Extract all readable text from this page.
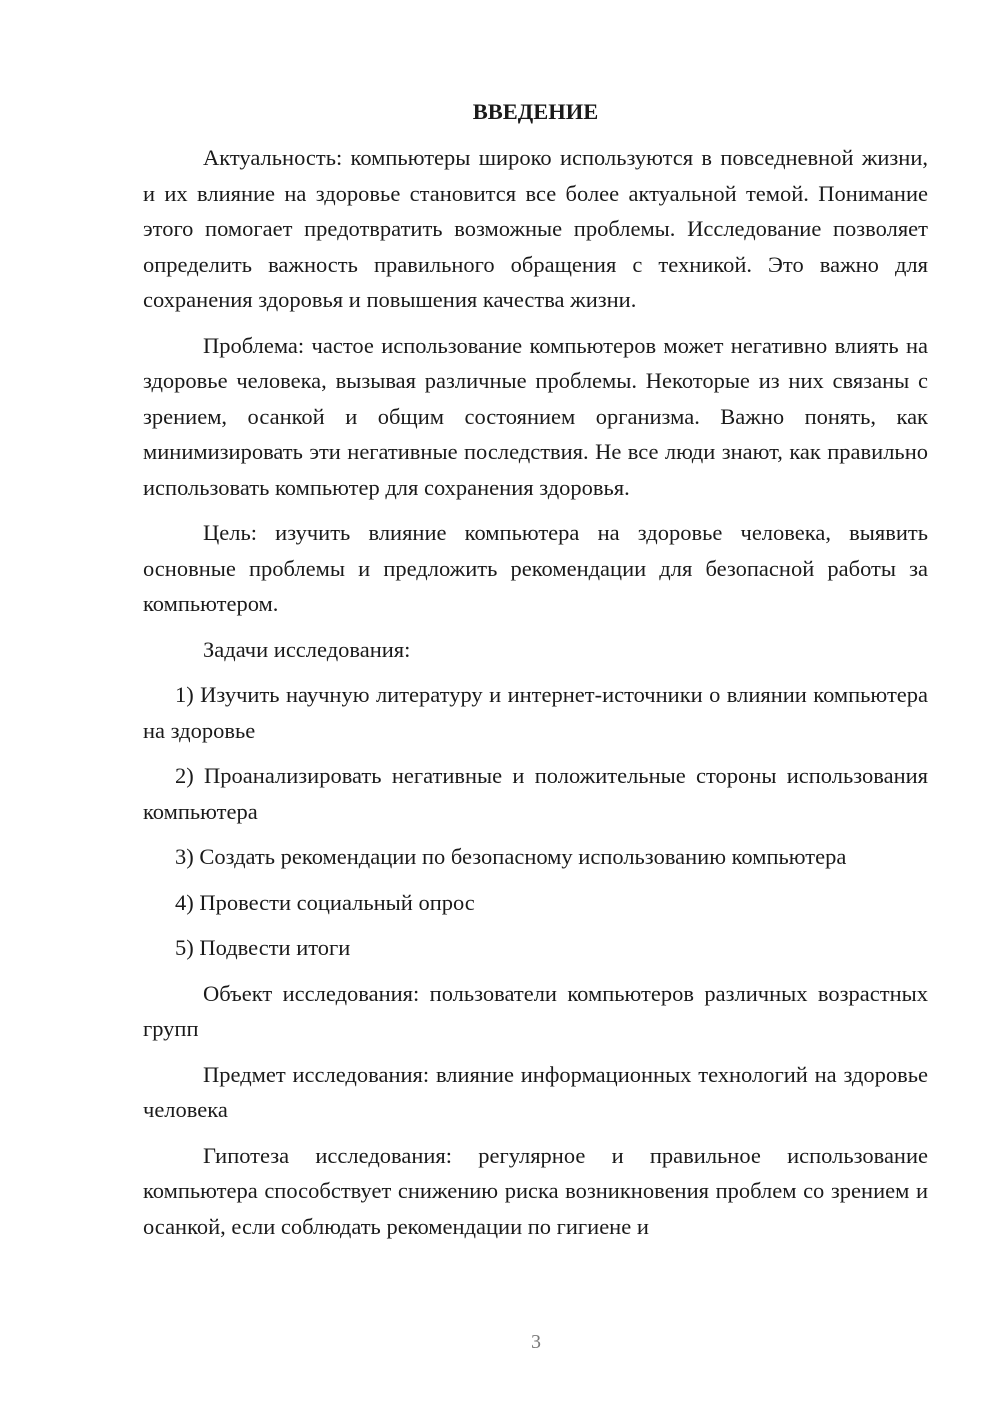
ВВЕДЕНИЕ

Актуальность: компьютеры широко используются в повседневной жизни, и их влияние на здоровье становится все более актуальной темой. Понимание этого помогает предотвратить возможные проблемы. Исследование позволяет определить важность правильного обращения с техникой. Это важно для сохранения здоровья и повышения качества жизни.

Проблема: частое использование компьютеров может негативно влиять на здоровье человека, вызывая различные проблемы. Некоторые из них связаны с зрением, осанкой и общим состоянием организма. Важно понять, как минимизировать эти негативные последствия. Не все люди знают, как правильно использовать компьютер для сохранения здоровья.

Цель: изучить влияние компьютера на здоровье человека, выявить основные проблемы и предложить рекомендации для безопасной работы за компьютером.

Задачи исследования:

1) Изучить научную литературу и интернет-источники о влиянии компьютера на здоровье

2) Проанализировать негативные и положительные стороны использования компьютера

3) Создать рекомендации по безопасному использованию компьютера

4) Провести социальный опрос

5) Подвести итоги

Объект исследования: пользователи компьютеров различных возрастных групп

Предмет исследования: влияние информационных технологий на здоровье человека

Гипотеза исследования: регулярное и правильное использование компьютера способствует снижению риска возникновения проблем со зрением и осанкой, если соблюдать рекомендации по гигиене и

3
